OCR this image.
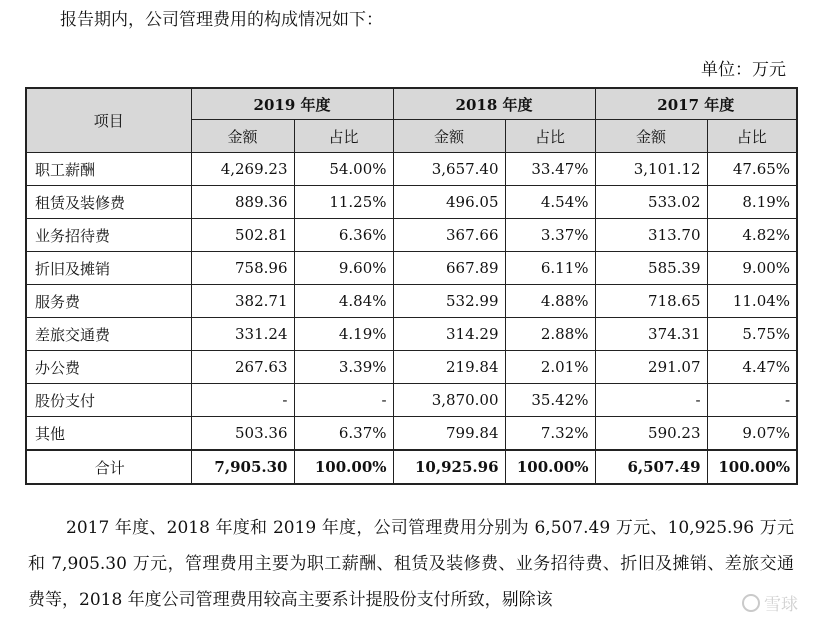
报告期内，公司管理费用的构成情况如下：
单位：万元
项目	2019 年度		2018 年度		2017 年度	
	金额	占比	金额	占比	金额	占比
职工薪酬	4,269.23	54.00%	3,657.40	33.47%	3,101.12	47.65%
租赁及装修费	889.36	11.25%	496.05	4.54%	533.02	8.19%
业务招待费	502.81	6.36%	367.66	3.37%	313.70	4.82%
折旧及摊销	758.96	9.60%	667.89	6.11%	585.39	9.00%
服务费	382.71	4.84%	532.99	4.88%	718.65	11.04%
差旅交通费	331.24	4.19%	314.29	2.88%	374.31	5.75%
办公费	267.63	3.39%	219.84	2.01%	291.07	4.47%
股份支付	-	-	3,870.00	35.42%	-	-
其他	503.36	6.37%	799.84	7.32%	590.23	9.07%
合计	7,905.30	100.00%	10,925.96	100.00%	6,507.49	100.00%
2017 年度、2018 年度和 2019 年度，公司管理费用分别为 6,507.49 万元、10,925.96 万元和 7,905.30 万元，管理费用主要为职工薪酬、租赁及装修费、业务招待费、折旧及摊销、差旅交通费等，2018 年度公司管理费用较高主要系计提股份支付所致，剔除该	雪球
